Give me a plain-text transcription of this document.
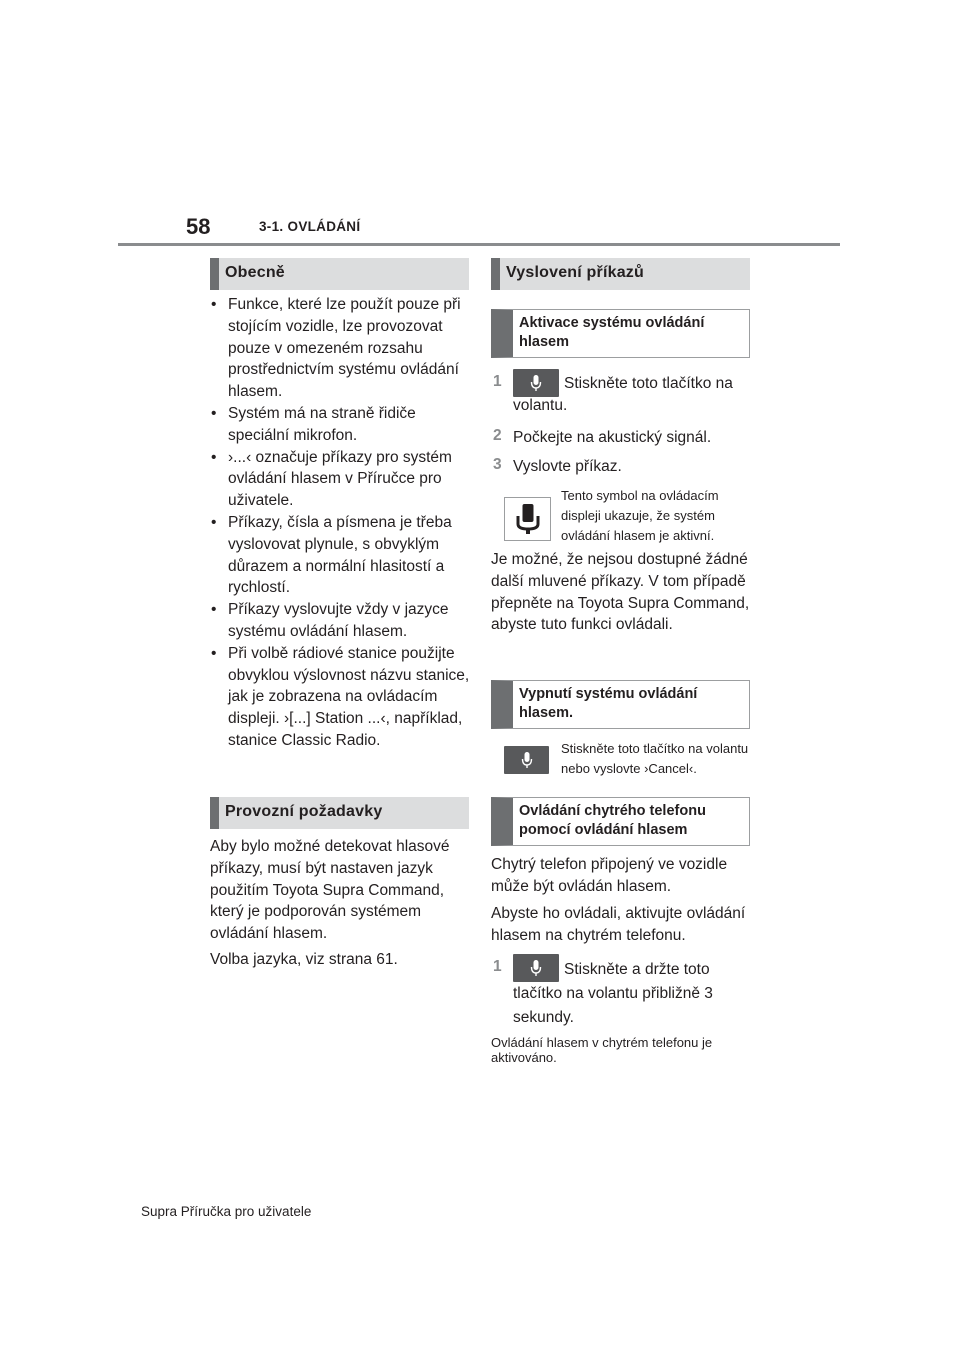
58	3-1. OVLÁDÁNÍ
Obecně
• Funkce, které lze použít pouze při stojícím vozidle, lze provozovat pouze v omezeném rozsahu prostřednictvím systému ovládání hlasem.
• Systém má na straně řidiče speciální mikrofon.
• ›...‹ označuje příkazy pro systém ovládání hlasem v Příručce pro uživatele.
• Příkazy, čísla a písmena je třeba vyslovovat plynule, s obvyklým důrazem a normální hlasitostí a rychlostí.
• Příkazy vyslovujte vždy v jazyce systému ovládání hlasem.
• Při volbě rádiové stanice použijte obvyklou výslovnost názvu stanice, jak je zobrazena na ovládacím displeji. ›[...] Station ...‹, například, stanice Classic Radio.
Provozní požadavky
Aby bylo možné detekovat hlasové příkazy, musí být nastaven jazyk použitím Toyota Supra Command, který je podporován systémem ovládání hlasem.
Volba jazyka, viz strana 61.
Vyslovení příkazů
Aktivace systému ovládání hlasem
1	Stiskněte toto tlačítko na volantu.
2 Počkejte na akustický signál.
3 Vyslovte příkaz.
Tento symbol na ovládacím displeji ukazuje, že systém ovládání hlasem je aktivní.
Je možné, že nejsou dostupné žádné další mluvené příkazy. V tom případě přepněte na Toyota Supra Command, abyste tuto funkci ovládali.
Vypnutí systému ovládání hlasem.
Stiskněte toto tlačítko na volantu nebo vyslovte ›Cancel‹.
Ovládání chytrého telefonu pomocí ovládání hlasem
Chytrý telefon připojený ve vozidle může být ovládán hlasem.
Abyste ho ovládali, aktivujte ovládání hlasem na chytrém telefonu.
1	Stiskněte a držte toto tlačítko na volantu přibližně 3 sekundy.
Ovládání hlasem v chytrém telefonu je aktivováno.
Supra Příručka pro uživatele
